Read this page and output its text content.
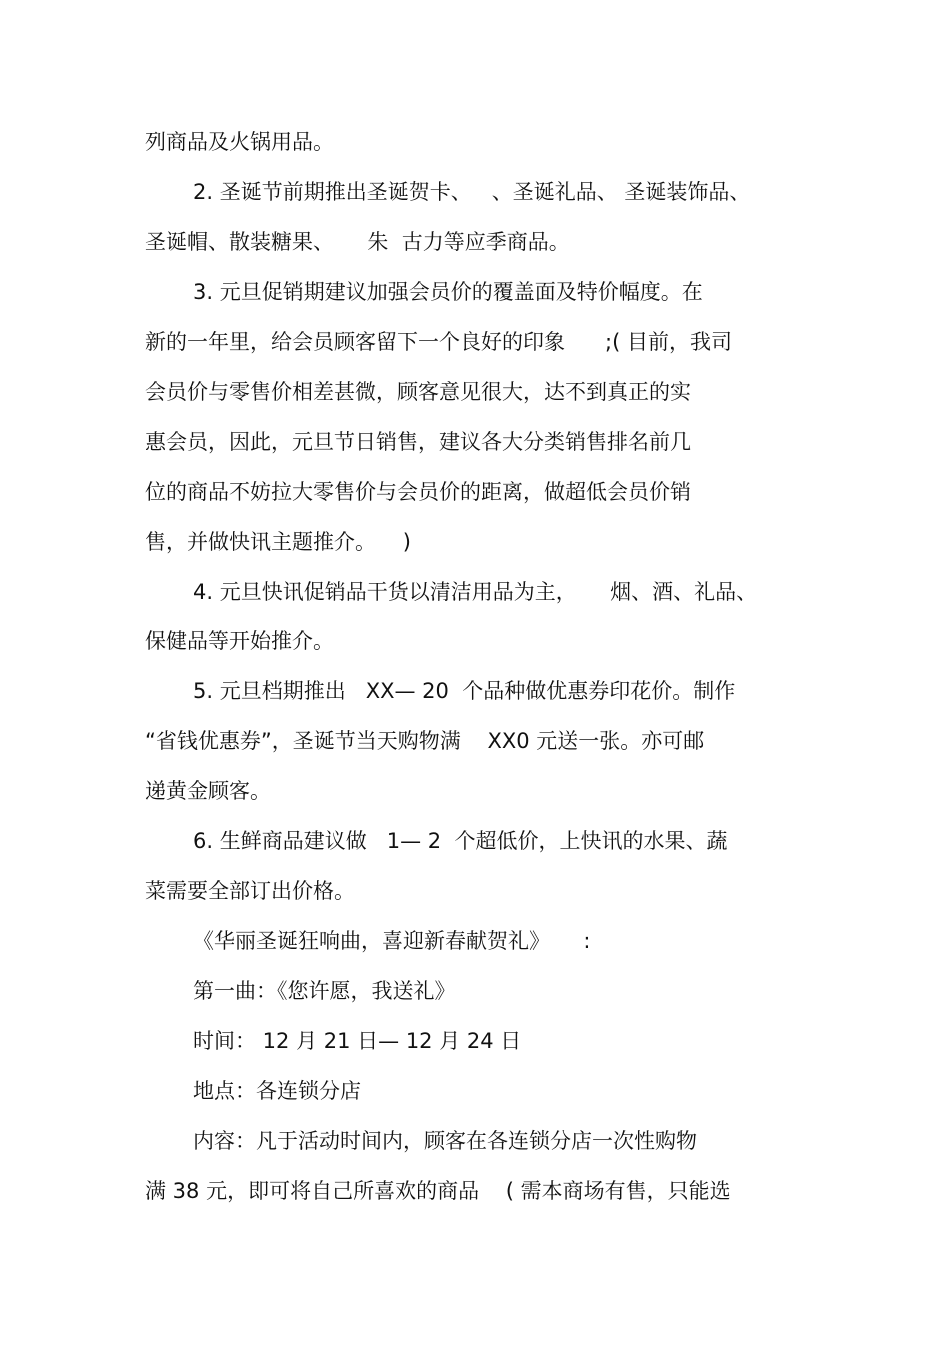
列商品及火锅用品。
2. 圣诞节前期推出圣诞贺卡、   、圣诞礼品、 圣诞装饰品、
圣诞帽、散装糖果、     朱  古力等应季商品。
3. 元旦促销期建议加强会员价的覆盖面及特价幅度。在
新的一年里，给会员顾客留下一个良好的印象      ;( 目前，我司
会员价与零售价相差甚微，顾客意见很大，达不到真正的实
惠会员，因此，元旦节日销售，建议各大分类销售排名前几
位的商品不妨拉大零售价与会员价的距离，做超低会员价销
售，并做快讯主题推介。    )
4. 元旦快讯促销品干货以清洁用品为主，     烟、酒、礼品、
保健品等开始推介。
5. 元旦档期推出   XX— 20  个品种做优惠券印花价。制作
“省钱优惠券”，圣诞节当天购物满    XX0 元送一张。亦可邮
递黄金顾客。
6. 生鲜商品建议做   1— 2  个超低价，上快讯的水果、蔬
菜需要全部订出价格。
《华丽圣诞狂响曲，喜迎新春献贺礼》     :
第一曲：《您许愿，我送礼》
时间： 12 月 21 日— 12 月 24 日
地点：各连锁分店
内容：凡于活动时间内，顾客在各连锁分店一次性购物
满 38 元，即可将自己所喜欢的商品    ( 需本商场有售，只能选
